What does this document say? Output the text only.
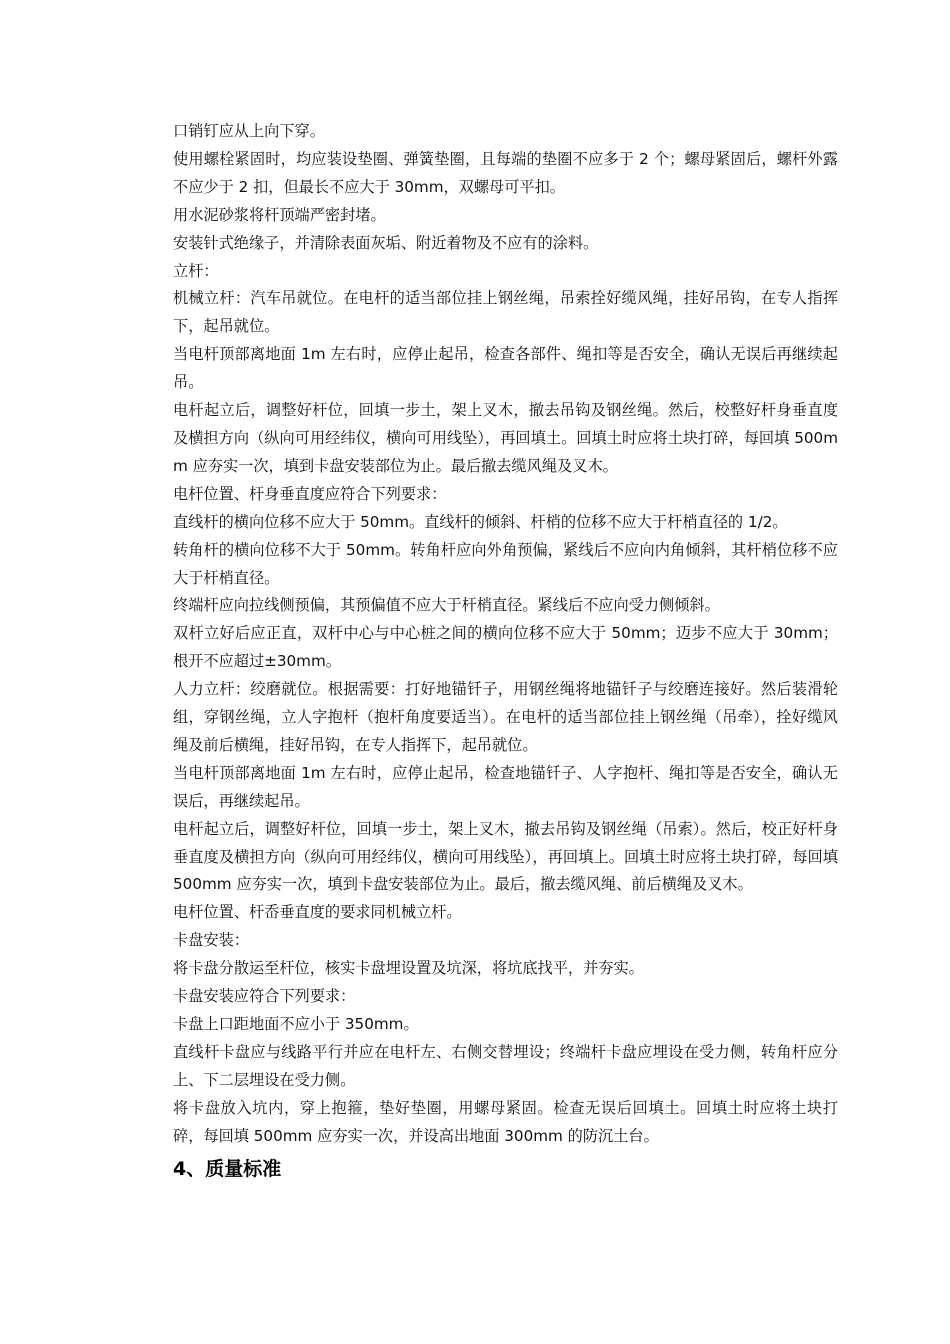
口销钉应从上向下穿。

使用螺栓紧固时，均应装设垫圈、弹簧垫圈，且每端的垫圈不应多于 2 个；螺母紧固后，螺杆外露不应少于 2 扣，但最长不应大于 30mm，双螺母可平扣。

用水泥砂浆将杆顶端严密封堵。

安装针式绝缘子，并清除表面灰垢、附近着物及不应有的涂料。

立杆：

机械立杆：汽车吊就位。在电杆的适当部位挂上钢丝绳，吊索拴好缆风绳，挂好吊钩，在专人指挥下，起吊就位。

当电杆顶部离地面 1m 左右时，应停止起吊，检查各部件、绳扣等是否安全，确认无误后再继续起吊。

电杆起立后，调整好杆位，回填一步土，架上叉木，撤去吊钩及钢丝绳。然后，校整好杆身垂直度及横担方向（纵向可用经纬仪，横向可用线坠），再回填土。回填土时应将土块打碎，每回填 500mm 应夯实一次，填到卡盘安装部位为止。最后撤去缆风绳及叉木。

电杆位置、杆身垂直度应符合下列要求：

直线杆的横向位移不应大于 50mm。直线杆的倾斜、杆梢的位移不应大于杆梢直径的 1/2。

转角杆的横向位移不大于 50mm。转角杆应向外角预偏，紧线后不应向内角倾斜，其杆梢位移不应大于杆梢直径。

终端杆应向拉线侧预偏，其预偏值不应大于杆梢直径。紧线后不应向受力侧倾斜。

双杆立好后应正直，双杆中心与中心桩之间的横向位移不应大于 50mm；迈步不应大于 30mm；根开不应超过±30mm。

人力立杆：绞磨就位。根据需要：打好地锚钎子，用钢丝绳将地锚钎子与绞磨连接好。然后装滑轮组，穿钢丝绳，立人字抱杆（抱杆角度要适当）。在电杆的适当部位挂上钢丝绳（吊牵），拴好缆风绳及前后横绳，挂好吊钩，在专人指挥下，起吊就位。

当电杆顶部离地面 1m 左右时，应停止起吊，检查地锚钎子、人字抱杆、绳扣等是否安全，确认无误后，再继续起吊。

电杆起立后，调整好杆位，回填一步土，架上叉木，撤去吊钩及钢丝绳（吊索）。然后，校正好杆身垂直度及横担方向（纵向可用经纬仪，横向可用线坠），再回填上。回填土时应将土块打碎，每回填 500mm 应夯实一次，填到卡盘安装部位为止。最后，撤去缆风绳、前后横绳及叉木。

电杆位置、杆岙垂直度的要求同机械立杆。

卡盘安装：

将卡盘分散运至杆位，核实卡盘埋设置及坑深，将坑底找平，并夯实。

卡盘安装应符合下列要求：

卡盘上口距地面不应小于 350mm。

直线杆卡盘应与线路平行并应在电杆左、右侧交替埋设；终端杆卡盘应埋设在受力侧，转角杆应分上、下二层埋设在受力侧。

将卡盘放入坑内，穿上抱箍，垫好垫圈，用螺母紧固。检查无误后回填土。回填土时应将土块打碎，每回填 500mm 应夯实一次，并设高出地面 300mm 的防沉土台。

4、质量标准
